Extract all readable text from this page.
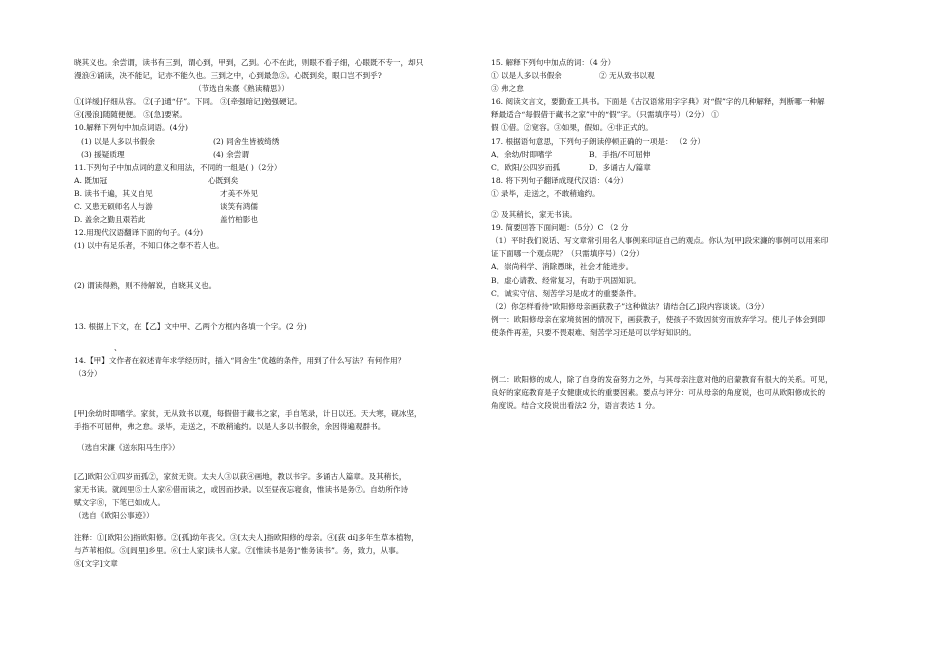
晓其义也。余尝谓，读书有三到，谓心到，甲到，乙到。心不在此，则眼不看子细，心眼既不专一，却只
漫浪④诵读，决不能记，记亦不能久也。三到之中，心到最急⑤。心既到矣，眼口岂不到乎?
（节选自朱熹《熟读精思》）
①[详缓]仔细从容。 ②[子]通“仔”。下同。 ③[牵强暗记]勉强硬记。
④[漫浪]随随便便。 ⑤[急]要紧。
10.解释下列句中加点词语。(4分)
(1) 以是人多以书假余	(2) 同舍生皆被绮绣
(3) 援疑质理	(4) 余尝谓
11.下列句子中加点词的意义和用法，不同的一组是( )（2分）
A. 既加冠	心既到矣
B. 读书千遍，其义自见	才美不外见
C. 又患无硕师名人与游	谈笑有鸿儒
D. 盖余之勤且艰若此	盖竹柏影也
12.用现代汉语翻译下面的句子。(4分)
(1) 以中有足乐者，不知口体之奉不若人也。
(2) 谓读得熟，则不待解说，自晓其义也。
13. 根据上下文，在【乙】文中甲、乙两个方框内各填一个字。(2 分)
、
14.【甲】文作者在叙述青年求学经历时，插入“同舍生”优越的条件，用到了什么写法？有何作用？
（3分）
[甲]余幼时即嗜学。家贫，无从致书以观，每假借于藏书之家，手自笔录，计日以还。天大寒，砚冰坚，
手指不可屈伸，弗之怠。录毕，走送之，不敢稍逾约。以是人多以书假余，余因得遍观群书。
（选自宋濂《送东阳马生序》）
[乙]欧阳公①四岁而孤②，家贫无资。太夫人③以荻④画地，教以书字。多诵古人篇章。及其稍长，
家无书读。就闾里⑤士人家⑥借而读之，或因而抄录。以至昼夜忘寝食，惟读书是务⑦。自幼所作诗
赋文字⑧，下笔已如成人。
（选自《欧阳公事迹》）
注释：①[欧阳公]指欧阳修。②[孤]幼年丧父。③[太夫人]指欧阳修的母亲。④[荻 dí]多年生草本植物，
与芦苇相似。⑤[闾里]乡里。⑥[士人家]读书人家。⑦[惟读书是务]“惟务读书”。务，致力，从事。
⑧[文字]文章
15. 解释下列句中加点的词：（4 分）
① 以是人多以书假余	② 无从致书以观
③ 弗之怠
16. 阅读文言文，要勤查工具书。下面是《古汉语常用字字典》对“假”字的几种解释，判断哪一种解
释最适合“每假借于藏书之家”中的“假”字。（只需填序号）（2分） ①
假 ①借。②宽容。③如果，假如。④非正式的。
17. 根据语句意思，下列句子朗读停顿正确的一项是： （2 分）
A．余幼/时即嗜学	B．手指/不可屈伸
C．欧阳/公四岁而孤	D．多诵古人/篇章
18. 将下列句子翻译成现代汉语：（4分）
① 录毕，走送之，不敢稍逾约。
② 及其稍长，家无书读。
19. 简要回答下面问题：（5分）C （2 分
（1）平时我们说话、写文章常引用名人事例来印证自己的观点。你认为[甲]段宋濂的事例可以用来印
证下面哪一个观点呢？（只需填序号）（2分）
A．崇尚科学、消除愚昧，社会才能进步。
B．虚心请教、经常复习，有助于巩固知识。
C．诚实守信、刻苦学习是成才的重要条件。
（2）你怎样看待“欧阳修母亲画荻教子”这种做法？请结合[乙]段内容谈谈。（3分）
例一：欧阳修母亲在家境贫困的情况下，画荻教子，使孩子不致因贫穷而放弃学习。使儿子体会到即
使条件再差，只要不畏艰难、刻苦学习还是可以学好知识的。
例二：欧阳修的成人，除了自身的发奋努力之外，与其母亲注意对他的启蒙教育有很大的关系。可见，
良好的家庭教育是子女健康成长的重要因素。要点与评分：可从母亲的角度说，也可从欧阳修成长的
角度说。结合文段说出看法2 分，语言表达 1 分。
